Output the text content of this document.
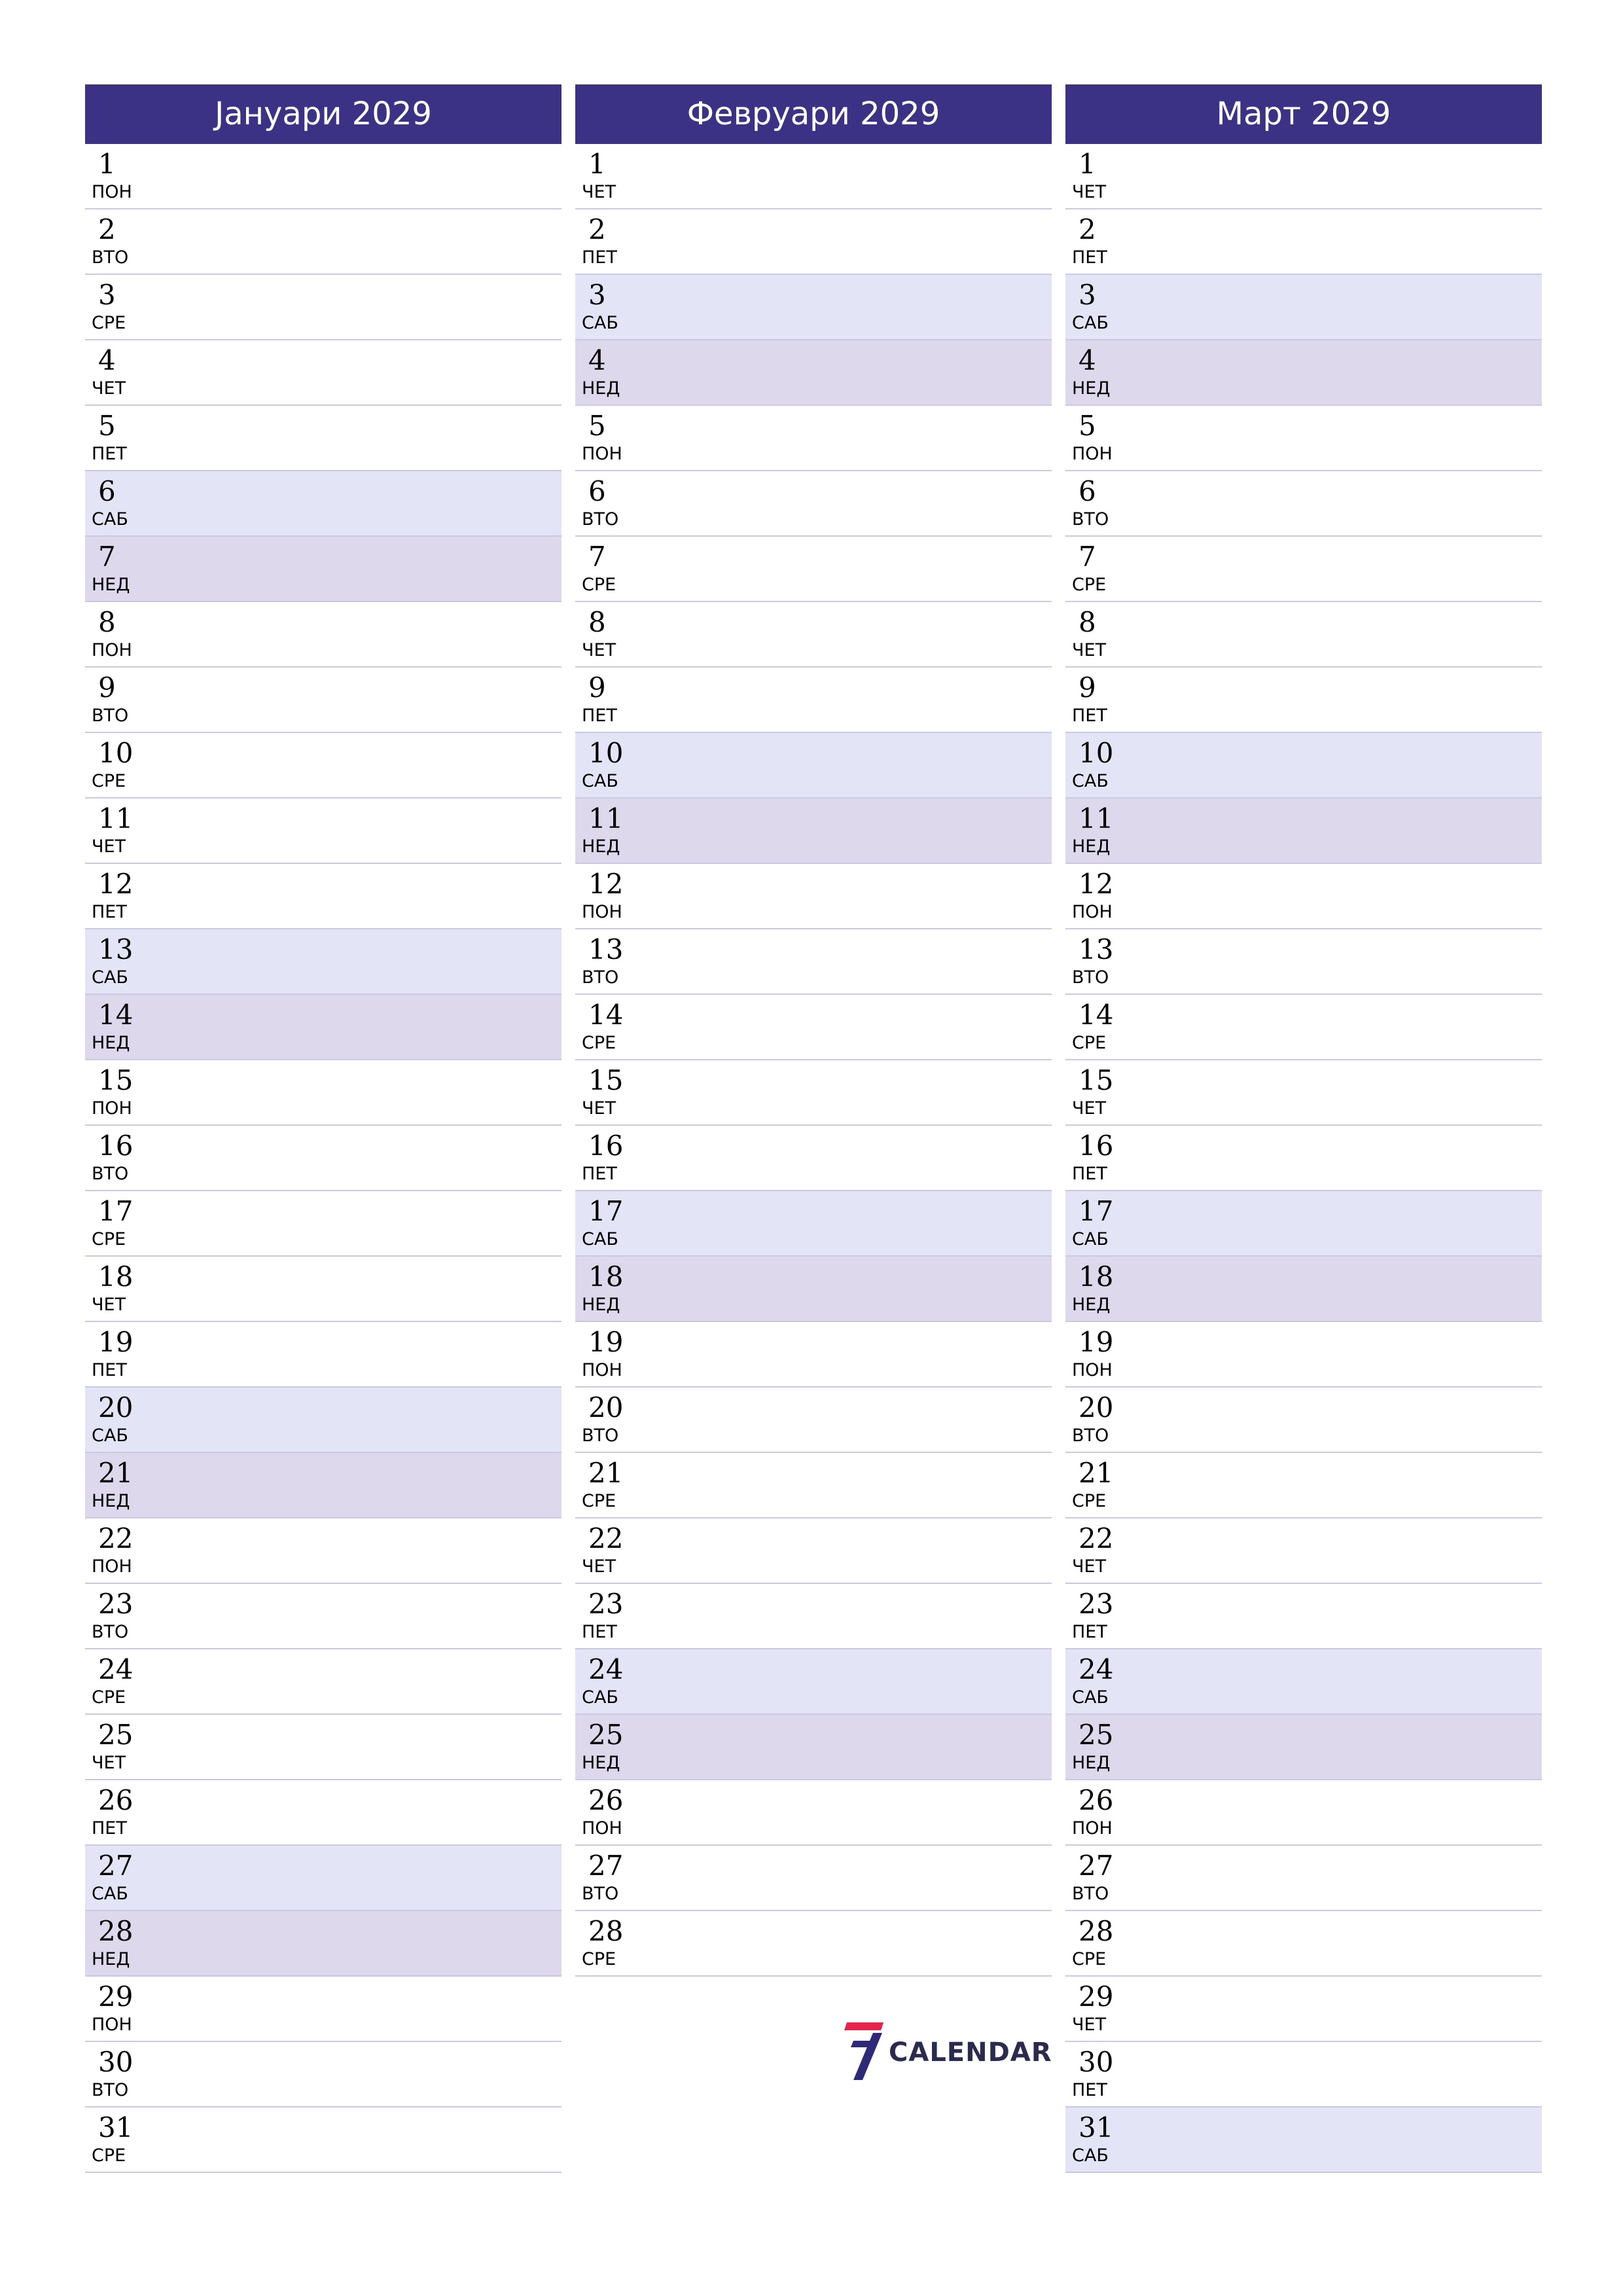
Јануари 2029
1
ПОН
2
ВТО
3
СРЕ
4
ЧЕТ
5
ПЕТ
6
САБ
7
НЕД
8
ПОН
9
ВТО
10
СРЕ
11
ЧЕТ
12
ПЕТ
13
САБ
14
НЕД
15
ПОН
16
ВТО
17
СРЕ
18
ЧЕТ
19
ПЕТ
20
САБ
21
НЕД
22
ПОН
23
ВТО
24
СРЕ
25
ЧЕТ
26
ПЕТ
27
САБ
28
НЕД
29
ПОН
30
ВТО
31
СРЕ
Февруари 2029
1
ЧЕТ
2
ПЕТ
3
САБ
4
НЕД
5
ПОН
6
ВТО
7
СРЕ
8
ЧЕТ
9
ПЕТ
10
САБ
11
НЕД
12
ПОН
13
ВТО
14
СРЕ
15
ЧЕТ
16
ПЕТ
17
САБ
18
НЕД
19
ПОН
20
ВТО
21
СРЕ
22
ЧЕТ
23
ПЕТ
24
САБ
25
НЕД
26
ПОН
27
ВТО
28
СРЕ
Март 2029
1
ЧЕТ
2
ПЕТ
3
САБ
4
НЕД
5
ПОН
6
ВТО
7
СРЕ
8
ЧЕТ
9
ПЕТ
10
САБ
11
НЕД
12
ПОН
13
ВТО
14
СРЕ
15
ЧЕТ
16
ПЕТ
17
САБ
18
НЕД
19
ПОН
20
ВТО
21
СРЕ
22
ЧЕТ
23
ПЕТ
24
САБ
25
НЕД
26
ПОН
27
ВТО
28
СРЕ
29
ЧЕТ
30
ПЕТ
31
САБ
CALENDAR
